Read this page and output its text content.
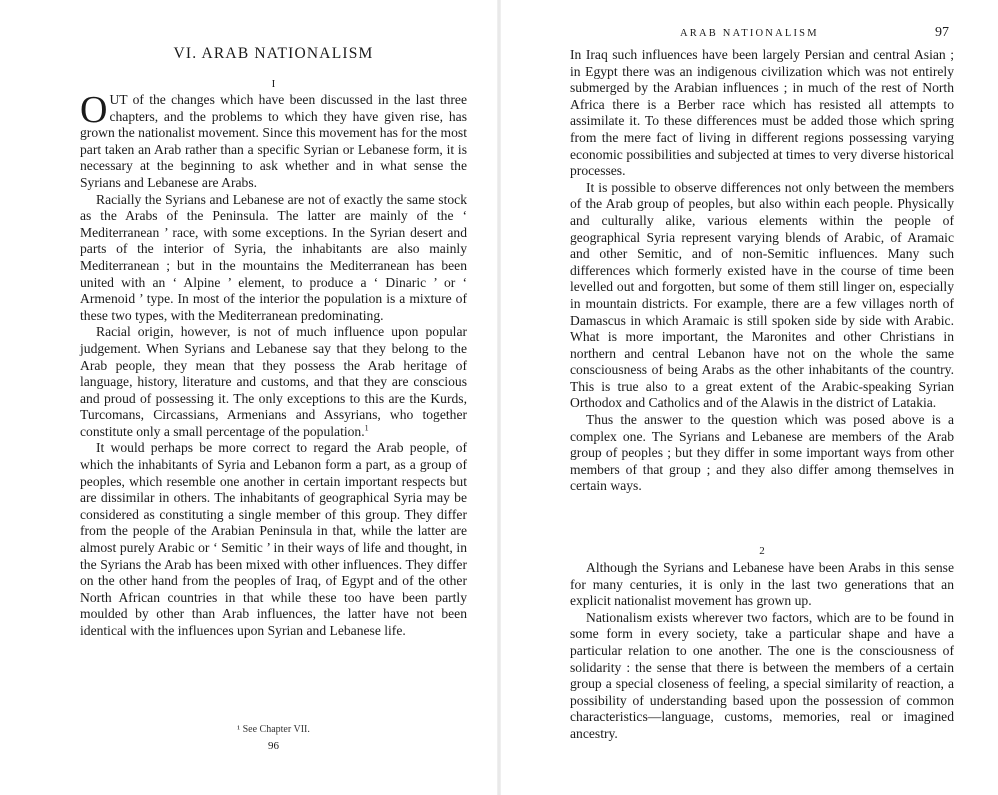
VI. ARAB NATIONALISM
I

OUT of the changes which have been discussed in the last three chapters, and the problems to which they have given rise, has grown the nationalist movement. Since this movement has for the most part taken an Arab rather than a specific Syrian or Lebanese form, it is necessary at the beginning to ask whether and in what sense the Syrians and Lebanese are Arabs.

Racially the Syrians and Lebanese are not of exactly the same stock as the Arabs of the Peninsula. The latter are mainly of the ‘ Mediterranean ’ race, with some exceptions. In the Syrian desert and parts of the interior of Syria, the inhabitants are also mainly Mediterranean ; but in the mountains the Mediterranean has been united with an ‘ Alpine ’ element, to produce a ‘ Dinaric ’ or ‘ Armenoid ’ type. In most of the interior the population is a mixture of these two types, with the Mediterranean predominating.

Racial origin, however, is not of much influence upon popular judgement. When Syrians and Lebanese say that they belong to the Arab people, they mean that they possess the Arab heritage of language, history, literature and customs, and that they are conscious and proud of possessing it. The only exceptions to this are the Kurds, Turcomans, Circassians, Armenians and Assyrians, who together constitute only a small percentage of the population.$^1$

It would perhaps be more correct to regard the Arab people, of which the inhabitants of Syria and Lebanon form a part, as a group of peoples, which resemble one another in certain important respects but are dissimilar in others. The inhabitants of geographical Syria may be considered as constituting a single member of this group. They differ from the people of the Arabian Peninsula in that, while the latter are almost purely Arabic or ‘ Semitic ’ in their ways of life and thought, in the Syrians the Arab has been mixed with other influences. They differ on the other hand from the peoples of Iraq, of Egypt and of the other North African countries in that while these too have been partly moulded by other than Arab influences, the latter have not been identical with the influences upon Syrian and Lebanese life.

¹ See Chapter VII.
96
ARAB NATIONALISM	97

In Iraq such influences have been largely Persian and central Asian ; in Egypt there was an indigenous civilization which was not entirely submerged by the Arabian influences ; in much of the rest of North Africa there is a Berber race which has resisted all attempts to assimilate it. To these differences must be added those which spring from the mere fact of living in different regions possessing varying economic possibilities and subjected at times to very diverse historical processes.

It is possible to observe differences not only between the members of the Arab group of peoples, but also within each people. Physically and culturally alike, various elements within the people of geographical Syria represent varying blends of Arabic, of Aramaic and other Semitic, and of non-Semitic influences. Many such differences which formerly existed have in the course of time been levelled out and forgotten, but some of them still linger on, especially in mountain districts. For example, there are a few villages north of Damascus in which Aramaic is still spoken side by side with Arabic. What is more important, the Maronites and other Christians in northern and central Lebanon have not on the whole the same consciousness of being Arabs as the other inhabitants of the country. This is true also to a great extent of the Arabic-speaking Syrian Orthodox and Catholics and of the Alawis in the district of Latakia.

Thus the answer to the question which was posed above is a complex one. The Syrians and Lebanese are members of the Arab group of peoples ; but they differ in some important ways from other members of that group ; and they also differ among themselves in certain ways.

2

Although the Syrians and Lebanese have been Arabs in this sense for many centuries, it is only in the last two generations that an explicit nationalist movement has grown up.

Nationalism exists wherever two factors, which are to be found in some form in every society, take a particular shape and have a particular relation to one another. The one is the consciousness of solidarity : the sense that there is between the members of a certain group a special closeness of feeling, a special similarity of reaction, a possibility of understanding based upon the possession of common characteristics—language, customs, memories, real or imagined ancestry.
